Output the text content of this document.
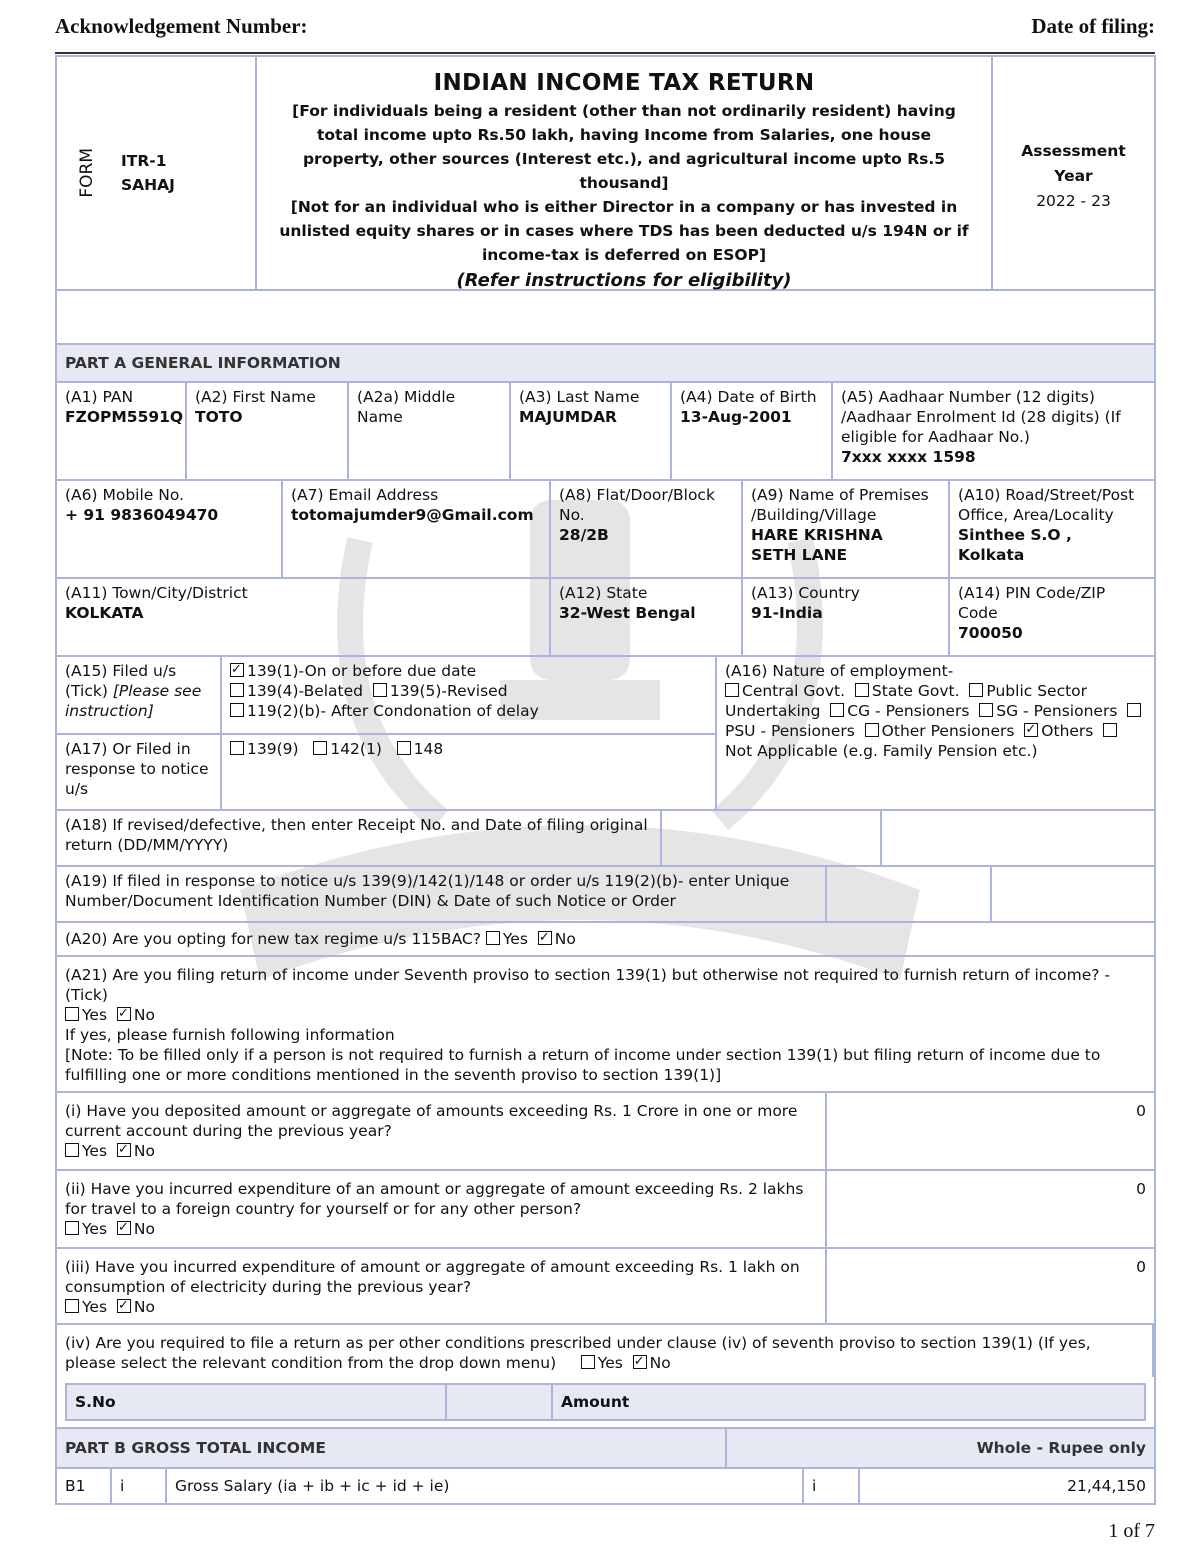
Acknowledgement Number:	Date of filing:
FORM ITR-1
SAHAJ
INDIAN INCOME TAX RETURN

[For individuals being a resident (other than not ordinarily resident) having total income upto Rs.50 lakh, having Income from Salaries, one house property, other sources (Interest etc.), and agricultural income upto Rs.5 thousand]

[Not for an individual who is either Director in a company or has invested in unlisted equity shares or in cases where TDS has been deducted u/s 194N or if income-tax is deferred on ESOP]

(Refer instructions for eligibility)

Assessment
Year
2022 - 23
PART A GENERAL INFORMATION
(A1) PAN
FZOPM5591Q
(A2) First Name
TOTO
(A2a) Middle Name
(A3) Last Name
MAJUMDAR
(A4) Date of Birth
13-Aug-2001
(A5) Aadhaar Number (12 digits) /Aadhaar Enrolment Id (28 digits) (If eligible for Aadhaar No.)
7xxx xxxx 1598
(A6) Mobile No.
+ 91 9836049470
(A7) Email Address
totomajumder9@Gmail.com
(A8) Flat/Door/Block No.
28/2B
(A9) Name of Premises /Building/Village
HARE KRISHNA
SETH LANE
(A10) Road/Street/Post Office, Area/Locality
Sinthee S.O ,
Kolkata
(A11) Town/City/District
KOLKATA
(A12) State
32-West Bengal
(A13) Country
91-India
(A14) PIN Code/ZIP Code
700050
(A15) Filed u/s (Tick) [Please see instruction]
✓139(1)-On or before due date
139(4)-Belated 139(5)-Revised
119(2)(b)- After Condonation of delay
(A17) Or Filed in response to notice u/s
139(9) 142(1) 148
(A16) Nature of employment-
Central Govt. State Govt. Public Sector Undertaking CG - Pensioners SG - Pensioners  PSU - Pensioners Other Pensioners ✓ Others  Not Applicable (e.g. Family Pension etc.)
(A18) If revised/defective, then enter Receipt No. and Date of filing original return (DD/MM/YYYY)
(A19) If filed in response to notice u/s 139(9)/142(1)/148 or order u/s 119(2)(b)- enter Unique Number/Document Identification Number (DIN) & Date of such Notice or Order
(A20) Are you opting for new tax regime u/s 115BAC? Yes ✓ No
(A21) Are you filing return of income under Seventh proviso to section 139(1) but otherwise not required to furnish return of income? - (Tick)
Yes ✓ No
If yes, please furnish following information
[Note: To be filled only if a person is not required to furnish a return of income under section 139(1) but filing return of income due to fulfilling one or more conditions mentioned in the seventh proviso to section 139(1)]
(i) Have you deposited amount or aggregate of amounts exceeding Rs. 1 Crore in one or more current account during the previous year?
Yes ✓ No
0
(ii) Have you incurred expenditure of an amount or aggregate of amount exceeding Rs. 2 lakhs for travel to a foreign country for yourself or for any other person?
Yes ✓ No
0
(iii) Have you incurred expenditure of amount or aggregate of amount exceeding Rs. 1 lakh on consumption of electricity during the previous year?
Yes ✓ No
0
(iv) Are you required to file a return as per other conditions prescribed under clause (iv) of seventh proviso to section 139(1) (If yes, please select the relevant condition from the drop down menu)	Yes ✓ No
S.No	Amount
PART B GROSS TOTAL INCOME	Whole - Rupee only
B1	i	Gross Salary (ia + ib + ic + id + ie)	i	21,44,150
1 of 7
